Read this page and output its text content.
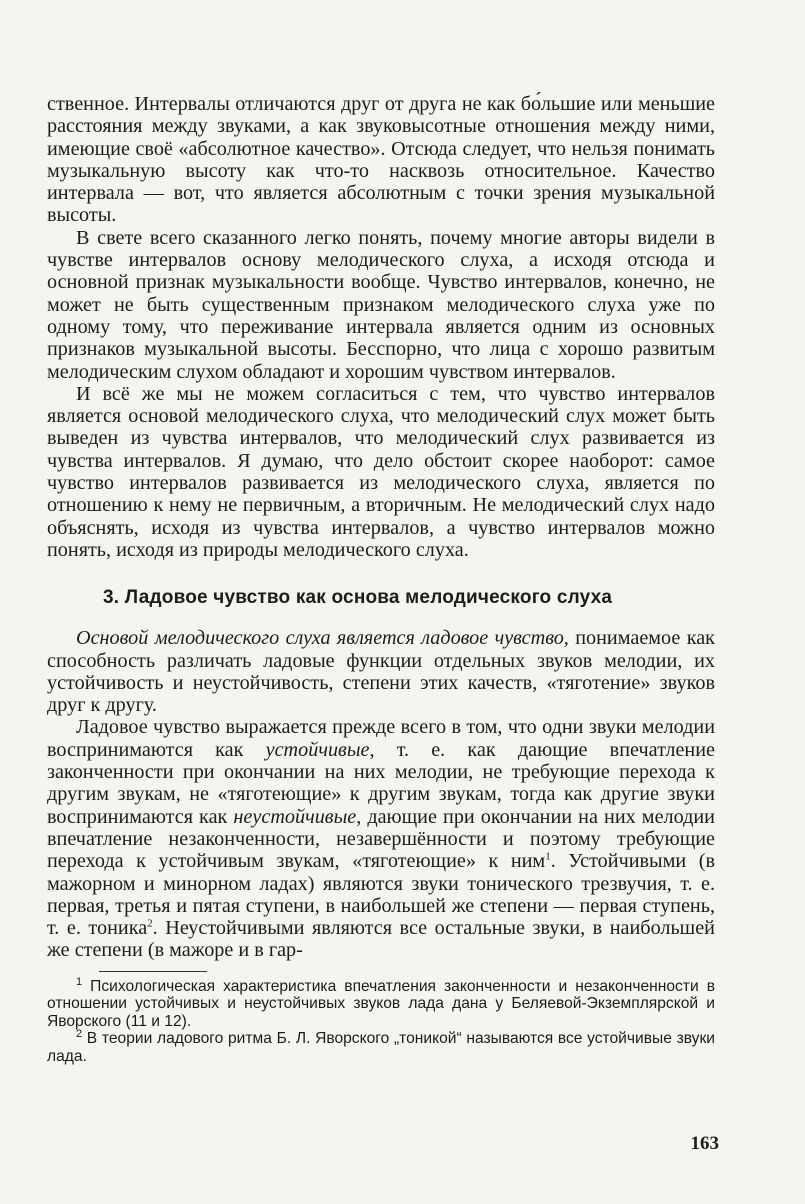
ственное. Интервалы отличаются друг от друга не как бо́льшие или меньшие расстояния между звуками, а как звуковысотные отношения между ними, имеющие своё «абсолютное качество». Отсюда следует, что нельзя понимать музыкальную высоту как что-то насквозь относительное. Качество интервала — вот, что является абсолютным с точки зрения музыкальной высоты.

В свете всего сказанного легко понять, почему многие авторы видели в чувстве интервалов основу мелодического слуха, а исходя отсюда и основной признак музыкальности вообще. Чувство интервалов, конечно, не может не быть существенным признаком мелодического слуха уже по одному тому, что переживание интервала является одним из основных признаков музыкальной высоты. Бесспорно, что лица с хорошо развитым мелодическим слухом обладают и хорошим чувством интервалов.

И всё же мы не можем согласиться с тем, что чувство интервалов является основой мелодического слуха, что мелодический слух может быть выведен из чувства интервалов, что мелодический слух развивается из чувства интервалов. Я думаю, что дело обстоит скорее наоборот: самое чувство интервалов развивается из мелодического слуха, является по отношению к нему не первичным, а вторичным. Не мелодический слух надо объяснять, исходя из чувства интервалов, а чувство интервалов можно понять, исходя из природы мелодического слуха.

3. Ладовое чувство как основа мелодического слуха

Основой мелодического слуха является ладовое чувство, понимаемое как способность различать ладовые функции отдельных звуков мелодии, их устойчивость и неустойчивость, степени этих качеств, «тяготение» звуков друг к другу.

Ладовое чувство выражается прежде всего в том, что одни звуки мелодии воспринимаются как устойчивые, т. е. как дающие впечатление законченности при окончании на них мелодии, не требующие перехода к другим звукам, не «тяготеющие» к другим звукам, тогда как другие звуки воспринимаются как неустойчивые, дающие при окончании на них мелодии впечатление незаконченности, незавершённости и поэтому требующие перехода к устойчивым звукам, «тяготеющие» к ним$^1$. Устойчивыми (в мажорном и минорном ладах) являются звуки тонического трезвучия, т. е. первая, третья и пятая ступени, в наибольшей же степени — первая ступень, т. е. тоника$^2$. Неустойчивыми являются все остальные звуки, в наибольшей же степени (в мажоре и в гар-

$^1$ Психологическая характеристика впечатления законченности и незаконченности в отношении устойчивых и неустойчивых звуков лада дана у Беляевой-Экземплярской и Яворского (11 и 12).

$^2$ В теории ладового ритма Б. Л. Яворского „тоникой“ называются все устойчивые звуки лада.

163
